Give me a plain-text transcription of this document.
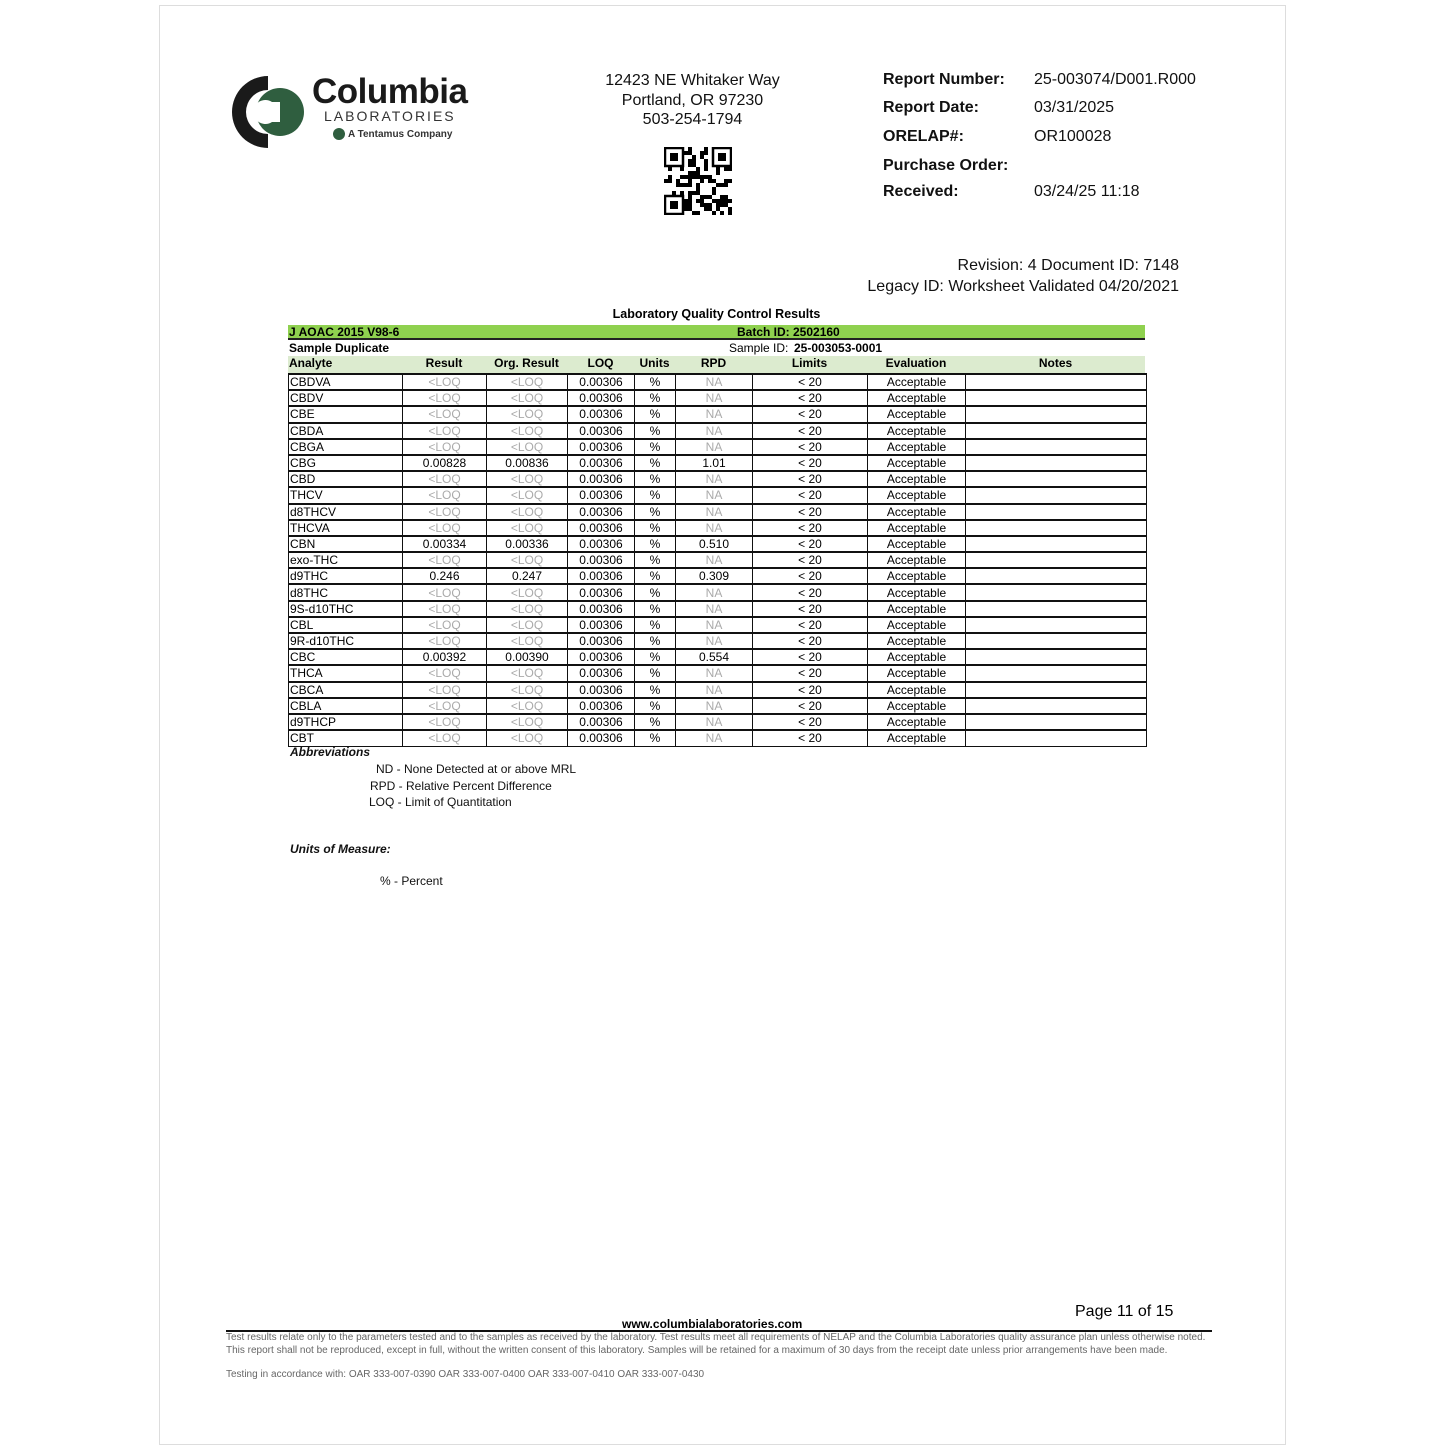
Columbia
LABORATORIES
A Tentamus Company
12423 NE Whitaker Way
Portland, OR 97230
503-254-1794
Report Number: 25-003074/D001.R000
Report Date:	03/31/2025
ORELAP#:	OR100028
Purchase Order:
Received:	03/24/25 11:18
Revision: 4 Document ID: 7148
Legacy ID: Worksheet Validated 04/20/2021
Laboratory Quality Control Results
J AOAC 2015 V98-6	Batch ID: 2502160
Sample Duplicate	Sample ID: 25-003053-0001
Analyte	Result	Org. Result	LOQ	Units	RPD	Limits	Evaluation	Notes
CBDVA	<LOQ	<LOQ	0.00306	%	NA	< 20	Acceptable	
CBDV	<LOQ	<LOQ	0.00306	%	NA	< 20	Acceptable	
CBE	<LOQ	<LOQ	0.00306	%	NA	< 20	Acceptable	
CBDA	<LOQ	<LOQ	0.00306	%	NA	< 20	Acceptable	
CBGA	<LOQ	<LOQ	0.00306	%	NA	< 20	Acceptable	
CBG	0.00828	0.00836	0.00306	%	1.01	< 20	Acceptable	
CBD	<LOQ	<LOQ	0.00306	%	NA	< 20	Acceptable	
THCV	<LOQ	<LOQ	0.00306	%	NA	< 20	Acceptable	
d8THCV	<LOQ	<LOQ	0.00306	%	NA	< 20	Acceptable	
THCVA	<LOQ	<LOQ	0.00306	%	NA	< 20	Acceptable	
CBN	0.00334	0.00336	0.00306	%	0.510	< 20	Acceptable	
exo-THC	<LOQ	<LOQ	0.00306	%	NA	< 20	Acceptable	
d9THC	0.246	0.247	0.00306	%	0.309	< 20	Acceptable	
d8THC	<LOQ	<LOQ	0.00306	%	NA	< 20	Acceptable	
9S-d10THC	<LOQ	<LOQ	0.00306	%	NA	< 20	Acceptable	
CBL	<LOQ	<LOQ	0.00306	%	NA	< 20	Acceptable	
9R-d10THC	<LOQ	<LOQ	0.00306	%	NA	< 20	Acceptable	
CBC	0.00392	0.00390	0.00306	%	0.554	< 20	Acceptable	
THCA	<LOQ	<LOQ	0.00306	%	NA	< 20	Acceptable	
CBCA	<LOQ	<LOQ	0.00306	%	NA	< 20	Acceptable	
CBLA	<LOQ	<LOQ	0.00306	%	NA	< 20	Acceptable	
d9THCP	<LOQ	<LOQ	0.00306	%	NA	< 20	Acceptable	
CBT	<LOQ	<LOQ	0.00306	%	NA	< 20	Acceptable	
Abbreviations
ND - None Detected at or above MRL
RPD - Relative Percent Difference
LOQ - Limit of Quantitation
Units of Measure:
% - Percent
Page 11 of 15
www.columbialaboratories.com
Test results relate only to the parameters tested and to the samples as received by the laboratory. Test results meet all requirements of NELAP and the Columbia Laboratories quality assurance plan unless otherwise noted. This report shall not be reproduced, except in full, without the written consent of this laboratory. Samples will be retained for a maximum of 30 days from the receipt date unless prior arrangements have been made.
Testing in accordance with: OAR 333-007-0390 OAR 333-007-0400 OAR 333-007-0410 OAR 333-007-0430
